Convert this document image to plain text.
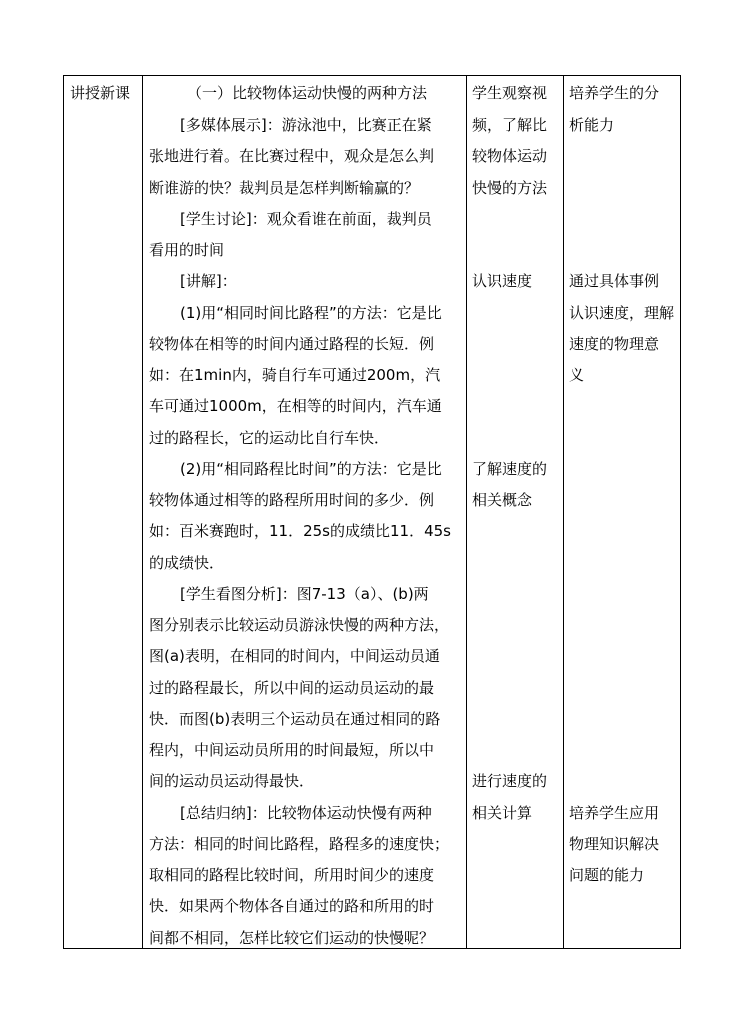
讲授新课	（一）比较物体运动快慢的两种方法
[多媒体展示]：游泳池中，比赛正在紧
张地进行着。在比赛过程中，观众是怎么判
断谁游的快？裁判员是怎样判断输赢的？
[学生讨论]：观众看谁在前面，裁判员
看用的时间
[讲解]：
(1)用“相同时间比路程”的方法：它是比
较物体在相等的时间内通过路程的长短．例
如：在1min内，骑自行车可通过200m，汽
车可通过1000m，在相等的时间内，汽车通
过的路程长，它的运动比自行车快．
(2)用“相同路程比时间”的方法：它是比
较物体通过相等的路程所用时间的多少．例
如：百米赛跑时，11．25s的成绩比11．45s
的成绩快．
[学生看图分析]：图7-13（a）、(b)两
图分别表示比较运动员游泳快慢的两种方法，
图(a)表明，在相同的时间内，中间运动员通
过的路程最长，所以中间的运动员运动的最
快．而图(b)表明三个运动员在通过相同的路
程内，中间运动员所用的时间最短，所以中
间的运动员运动得最快．
[总结归纳]：比较物体运动快慢有两种
方法：相同的时间比路程，路程多的速度快；
取相同的路程比较时间，所用时间少的速度
快．如果两个物体各自通过的路和所用的时
间都不相同，怎样比较它们运动的快慢呢？
学生观察视
频，了解比
较物体运动
快慢的方法
认识速度
了解速度的
相关概念
进行速度的
相关计算
培养学生的分
析能力
通过具体事例
认识速度，理解
速度的物理意
义
培养学生应用
物理知识解决
问题的能力
